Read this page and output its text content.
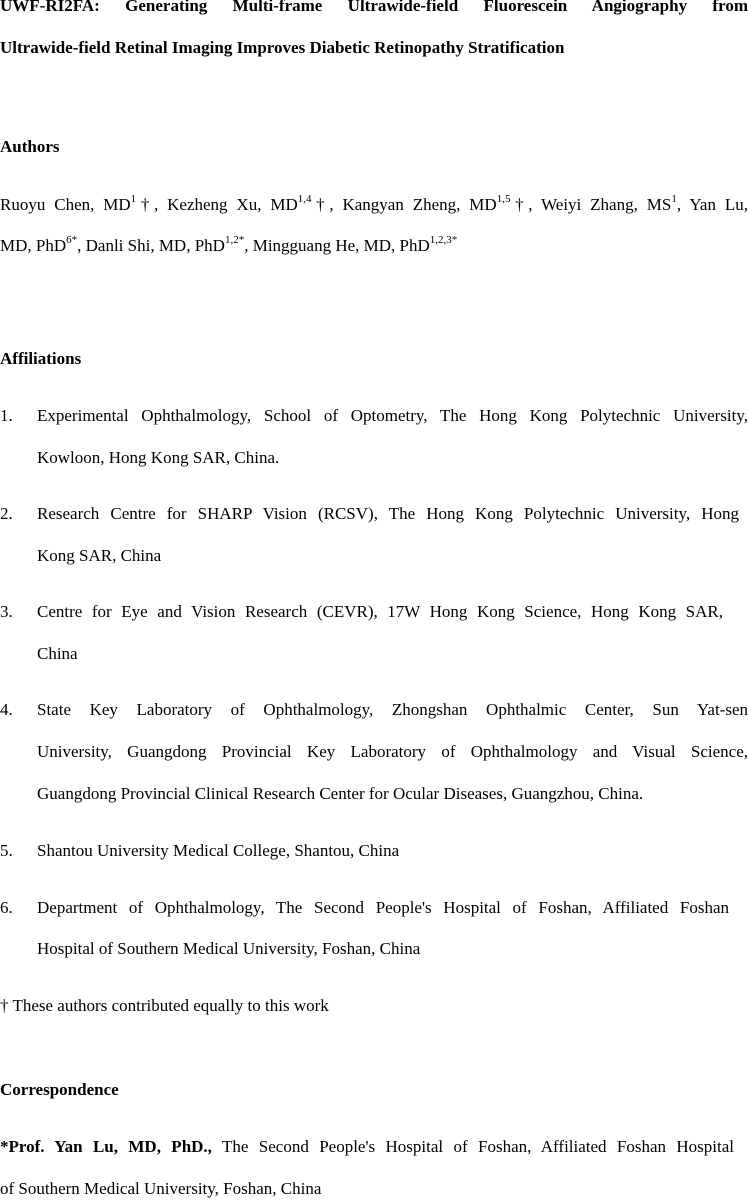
UWF-RI2FA: Generating Multi-frame Ultrawide-field Fluorescein Angiography from
Ultrawide-field Retinal Imaging Improves Diabetic Retinopathy Stratification
Authors
Ruoyu Chen, $MD^1\dagger$, Kezheng Xu, MD$^{1,4}$†, Kangyan Zheng, MD$^{1,5}$†, Weiyi Zhang, $MS^1$, Yan Lu,
MD, PhD$^{6*}$, Danli Shi, MD, PhD$^{1,2*}$, Mingguang He, MD, PhD$^{1,2,3*}$
Affiliations
1. Experimental Ophthalmology, School of Optometry, The Hong Kong Polytechnic University,
Kowloon, Hong Kong SAR, China.
2. Research Centre for SHARP Vision (RCSV), The Hong Kong Polytechnic University, Hong
Kong SAR, China
3. Centre for Eye and Vision Research (CEVR), 17W Hong Kong Science, Hong Kong SAR,
China
4. State Key Laboratory of Ophthalmology, Zhongshan Ophthalmic Center, Sun Yat-sen
University, Guangdong Provincial Key Laboratory of Ophthalmology and Visual Science,
Guangdong Provincial Clinical Research Center for Ocular Diseases, Guangzhou, China.
5. Shantou University Medical College, Shantou, China
6. Department of Ophthalmology, The Second People's Hospital of Foshan, Affiliated Foshan
Hospital of Southern Medical University, Foshan, China
† These authors contributed equally to this work
Correspondence
*Prof. Yan Lu, MD, PhD., The Second People's Hospital of Foshan, Affiliated Foshan Hospital
of Southern Medical University, Foshan, China
